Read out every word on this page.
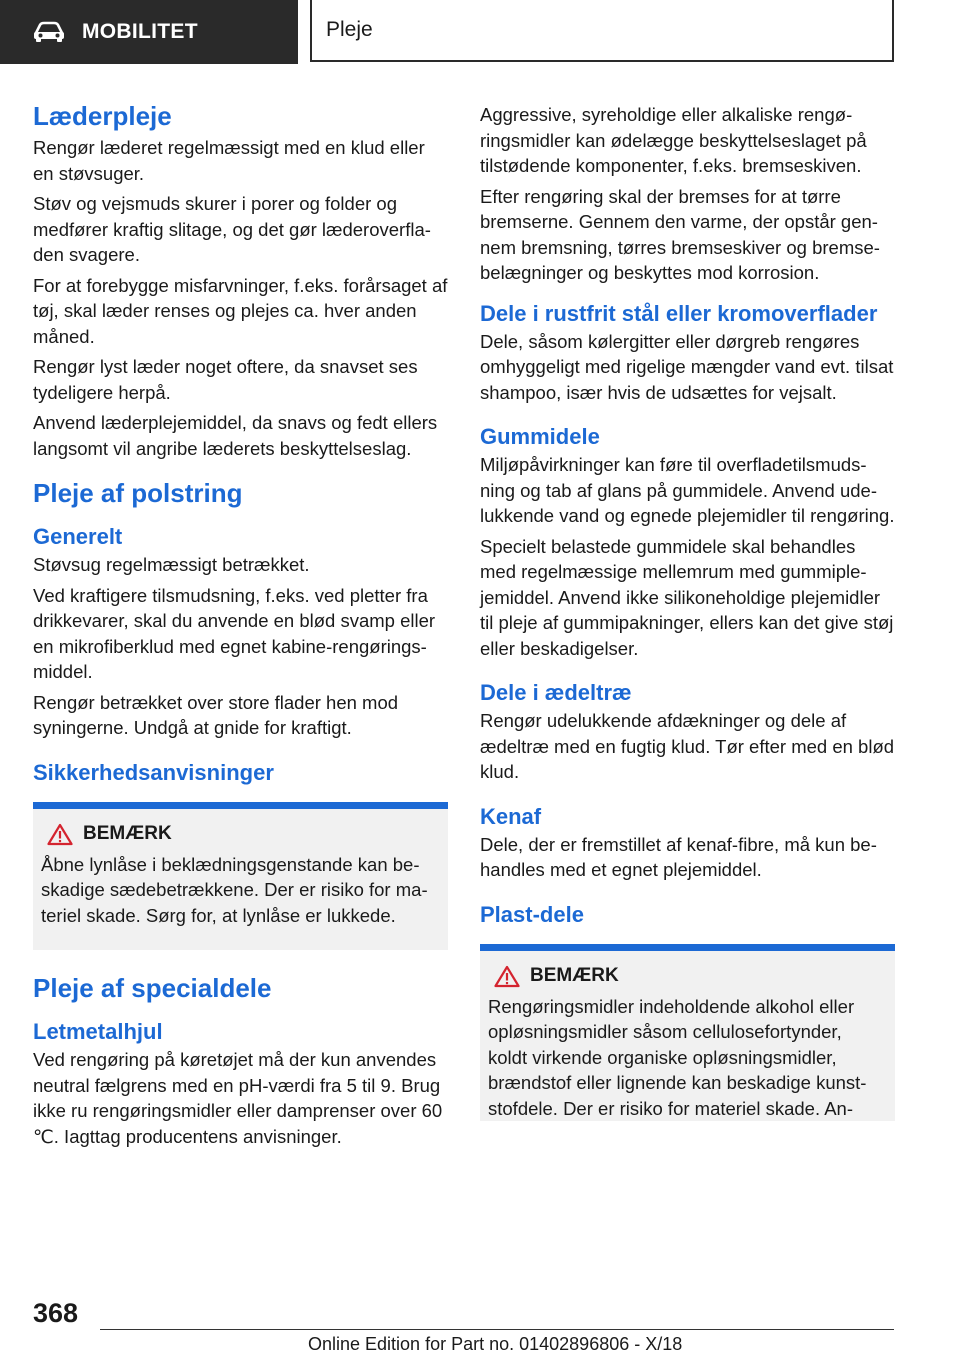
MOBILITET	Pleje
Læderpleje

Rengør læderet regelmæssigt med en klud eller en støvsuger.

Støv og vejsmuds skurer i porer og folder og medfører kraftig slitage, og det gør læderoverfladen svagere.

For at forebygge misfarvninger, f.eks. forårsaget af tøj, skal læder renses og plejes ca. hver anden måned.

Rengør lyst læder noget oftere, da snavset ses tydeligere herpå.

Anvend læderplejemiddel, da snavs og fedt ellers langsomt vil angribe læderets beskyttelseslag.

Pleje af polstring
Generelt

Støvsug regelmæssigt betrækket.

Ved kraftigere tilsmudsning, f.eks. ved pletter fra drikkevarer, skal du anvende en blød svamp eller en mikrofiberklud med egnet kabine-rengøringsmiddel.

Rengør betrækket over store flader hen mod syningerne. Undgå at gnide for kraftigt.

Sikkerhedsanvisninger
BEMÆRK

Åbne lynlåse i beklædningsgenstande kan beskadige sædebetrækkene. Der er risiko for materiel skade. Sørg for, at lynlåse er lukkede.

Pleje af specialdele
Letmetalhjul

Ved rengøring på køretøjet må der kun anvendes neutral fælgrens med en pH-værdi fra 5 til 9. Brug ikke ru rengøringsmidler eller damprenser over 60 ℃. Iagttag producentens anvisninger.

Aggressive, syreholdige eller alkaliske rengøringsmidler kan ødelægge beskyttelseslaget på tilstødende komponenter, f.eks. bremseskiven.

Efter rengøring skal der bremses for at tørre bremserne. Gennem den varme, der opstår gennem bremsning, tørres bremseskiver og bremsebelægninger og beskyttes mod korrosion.

Dele i rustfrit stål eller kromoverflader

Dele, såsom kølergitter eller dørgreb rengøres omhyggeligt med rigelige mængder vand evt. tilsat shampoo, især hvis de udsættes for vejsalt.

Gummidele

Miljøpåvirkninger kan føre til overfladetilsmudsning og tab af glans på gummidele. Anvend udelukkende vand og egnede plejemidler til rengøring.

Specielt belastede gummidele skal behandles med regelmæssige mellemrum med gummiplejemiddel. Anvend ikke silikoneholdige plejemidler til pleje af gummipakninger, ellers kan det give støj eller beskadigelser.

Dele i ædeltræ

Rengør udelukkende afdækninger og dele af ædeltræ med en fugtig klud. Tør efter med en blød klud.

Kenaf

Dele, der er fremstillet af kenaf-fibre, må kun behandles med et egnet plejemiddel.

Plast-dele
BEMÆRK

Rengøringsmidler indeholdende alkohol eller opløsningsmidler såsom cellulosefortynder, koldt virkende organiske opløsningsmidler, brændstof eller lignende kan beskadige kunststofdele. Der er risiko for materiel skade. An-

368
Online Edition for Part no. 01402896806 - X/18
